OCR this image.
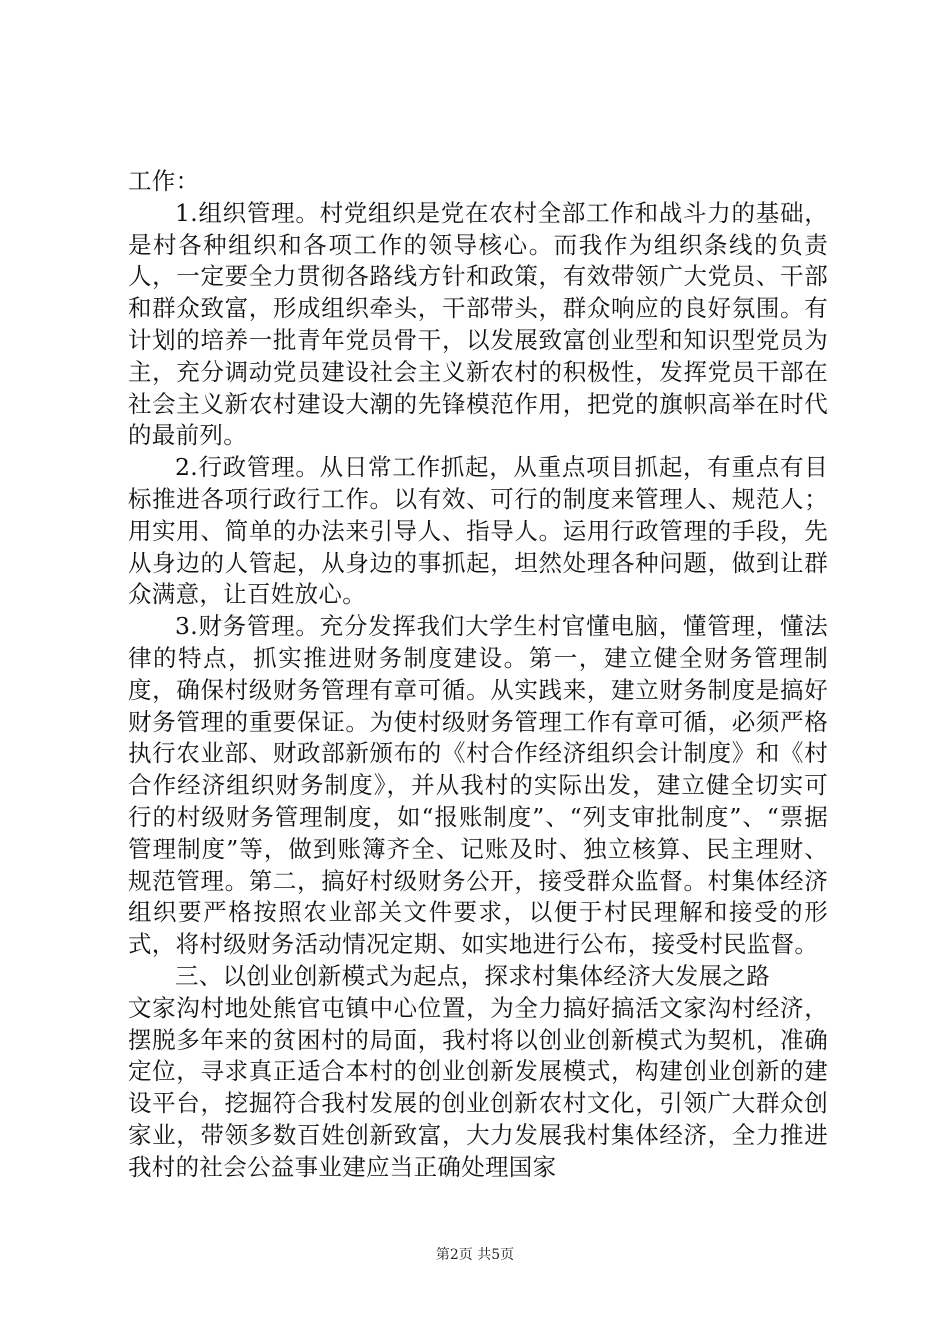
工作：

1.组织管理。村党组织是党在农村全部工作和战斗力的基础，是村各种组织和各项工作的领导核心。而我作为组织条线的负责人，一定要全力贯彻各路线方针和政策，有效带领广大党员、干部和群众致富，形成组织牵头，干部带头，群众响应的良好氛围。有计划的培养一批青年党员骨干，以发展致富创业型和知识型党员为主，充分调动党员建设社会主义新农村的积极性，发挥党员干部在社会主义新农村建设大潮的先锋模范作用，把党的旗帜高举在时代的最前列。

2.行政管理。从日常工作抓起，从重点项目抓起，有重点有目标推进各项行政行工作。以有效、可行的制度来管理人、规范人；用实用、简单的办法来引导人、指导人。运用行政管理的手段，先从身边的人管起，从身边的事抓起，坦然处理各种问题，做到让群众满意，让百姓放心。

3.财务管理。充分发挥我们大学生村官懂电脑，懂管理，懂法律的特点，抓实推进财务制度建设。第一，建立健全财务管理制度，确保村级财务管理有章可循。从实践来，建立财务制度是搞好财务管理的重要保证。为使村级财务管理工作有章可循，必须严格执行农业部、财政部新颁布的《村合作经济组织会计制度》和《村合作经济组织财务制度》，并从我村的实际出发，建立健全切实可行的村级财务管理制度，如“报账制度”、“列支审批制度”、“票据管理制度”等，做到账簿齐全、记账及时、独立核算、民主理财、规范管理。第二，搞好村级财务公开，接受群众监督。村集体经济组织要严格按照农业部关文件要求，以便于村民理解和接受的形式，将村级财务活动情况定期、如实地进行公布，接受村民监督。

三、以创业创新模式为起点，探求村集体经济大发展之路

文家沟村地处熊官屯镇中心位置，为全力搞好搞活文家沟村经济，摆脱多年来的贫困村的局面，我村将以创业创新模式为契机，准确定位，寻求真正适合本村的创业创新发展模式，构建创业创新的建设平台，挖掘符合我村发展的创业创新农村文化，引领广大群众创家业，带领多数百姓创新致富，大力发展我村集体经济，全力推进我村的社会公益事业建应当正确处理国家

第2页 共5页
